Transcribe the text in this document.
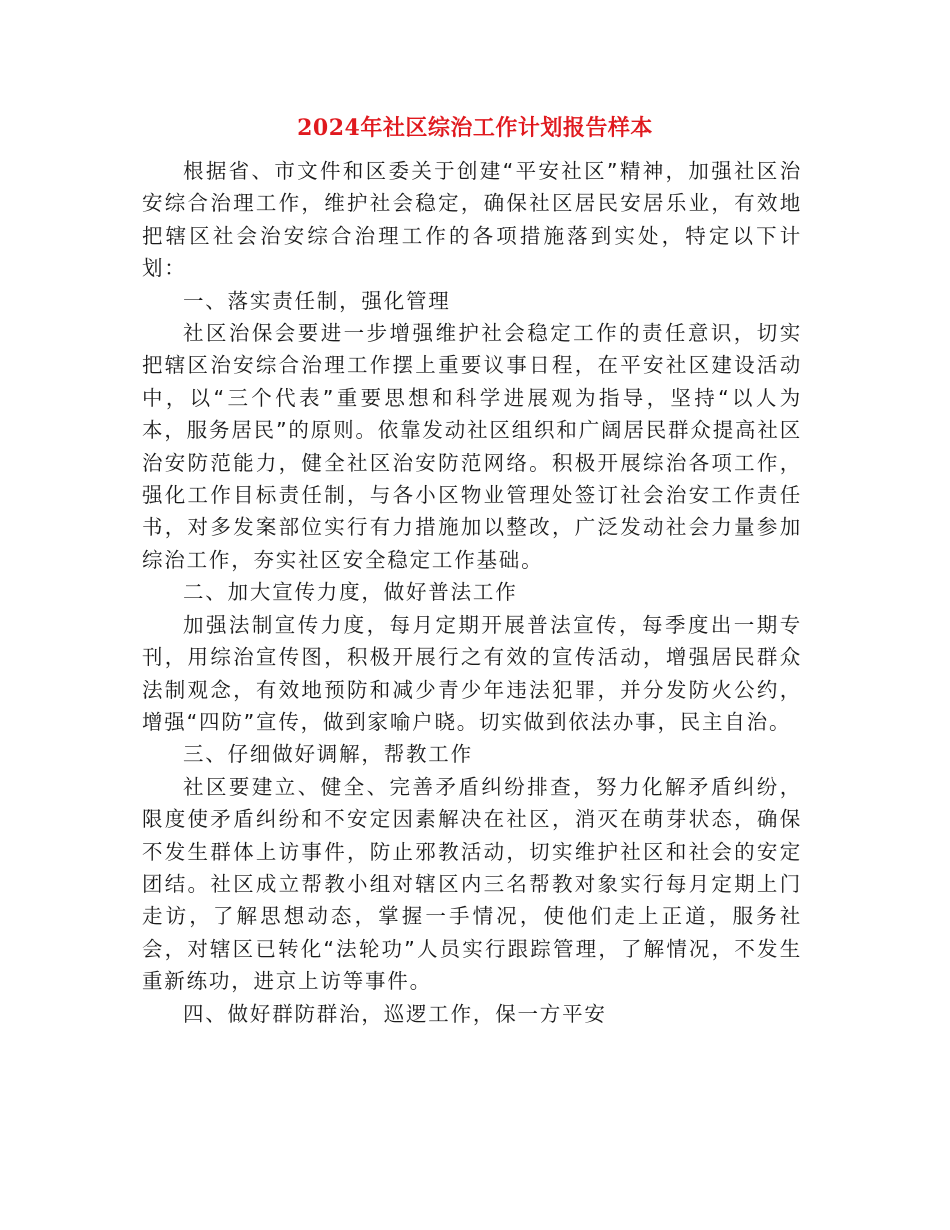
2024年社区综治工作计划报告样本

根据省、市文件和区委关于创建“平安社区”精神，加强社区治安综合治理工作，维护社会稳定，确保社区居民安居乐业，有效地把辖区社会治安综合治理工作的各项措施落到实处，特定以下计划：

一、落实责任制，强化管理

社区治保会要进一步增强维护社会稳定工作的责任意识，切实把辖区治安综合治理工作摆上重要议事日程，在平安社区建设活动中，以“三个代表”重要思想和科学进展观为指导，坚持“以人为本，服务居民”的原则。依靠发动社区组织和广阔居民群众提高社区治安防范能力，健全社区治安防范网络。积极开展综治各项工作，强化工作目标责任制，与各小区物业管理处签订社会治安工作责任书，对多发案部位实行有力措施加以整改，广泛发动社会力量参加综治工作，夯实社区安全稳定工作基础。

二、加大宣传力度，做好普法工作

加强法制宣传力度，每月定期开展普法宣传，每季度出一期专刊，用综治宣传图，积极开展行之有效的宣传活动，增强居民群众法制观念，有效地预防和减少青少年违法犯罪，并分发防火公约，增强“四防”宣传，做到家喻户晓。切实做到依法办事，民主自治。

三、仔细做好调解，帮教工作

社区要建立、健全、完善矛盾纠纷排查，努力化解矛盾纠纷，限度使矛盾纠纷和不安定因素解决在社区，消灭在萌芽状态，确保不发生群体上访事件，防止邪教活动，切实维护社区和社会的安定团结。社区成立帮教小组对辖区内三名帮教对象实行每月定期上门走访，了解思想动态，掌握一手情况，使他们走上正道，服务社会，对辖区已转化“法轮功”人员实行跟踪管理，了解情况，不发生重新练功，进京上访等事件。

四、做好群防群治，巡逻工作，保一方平安
